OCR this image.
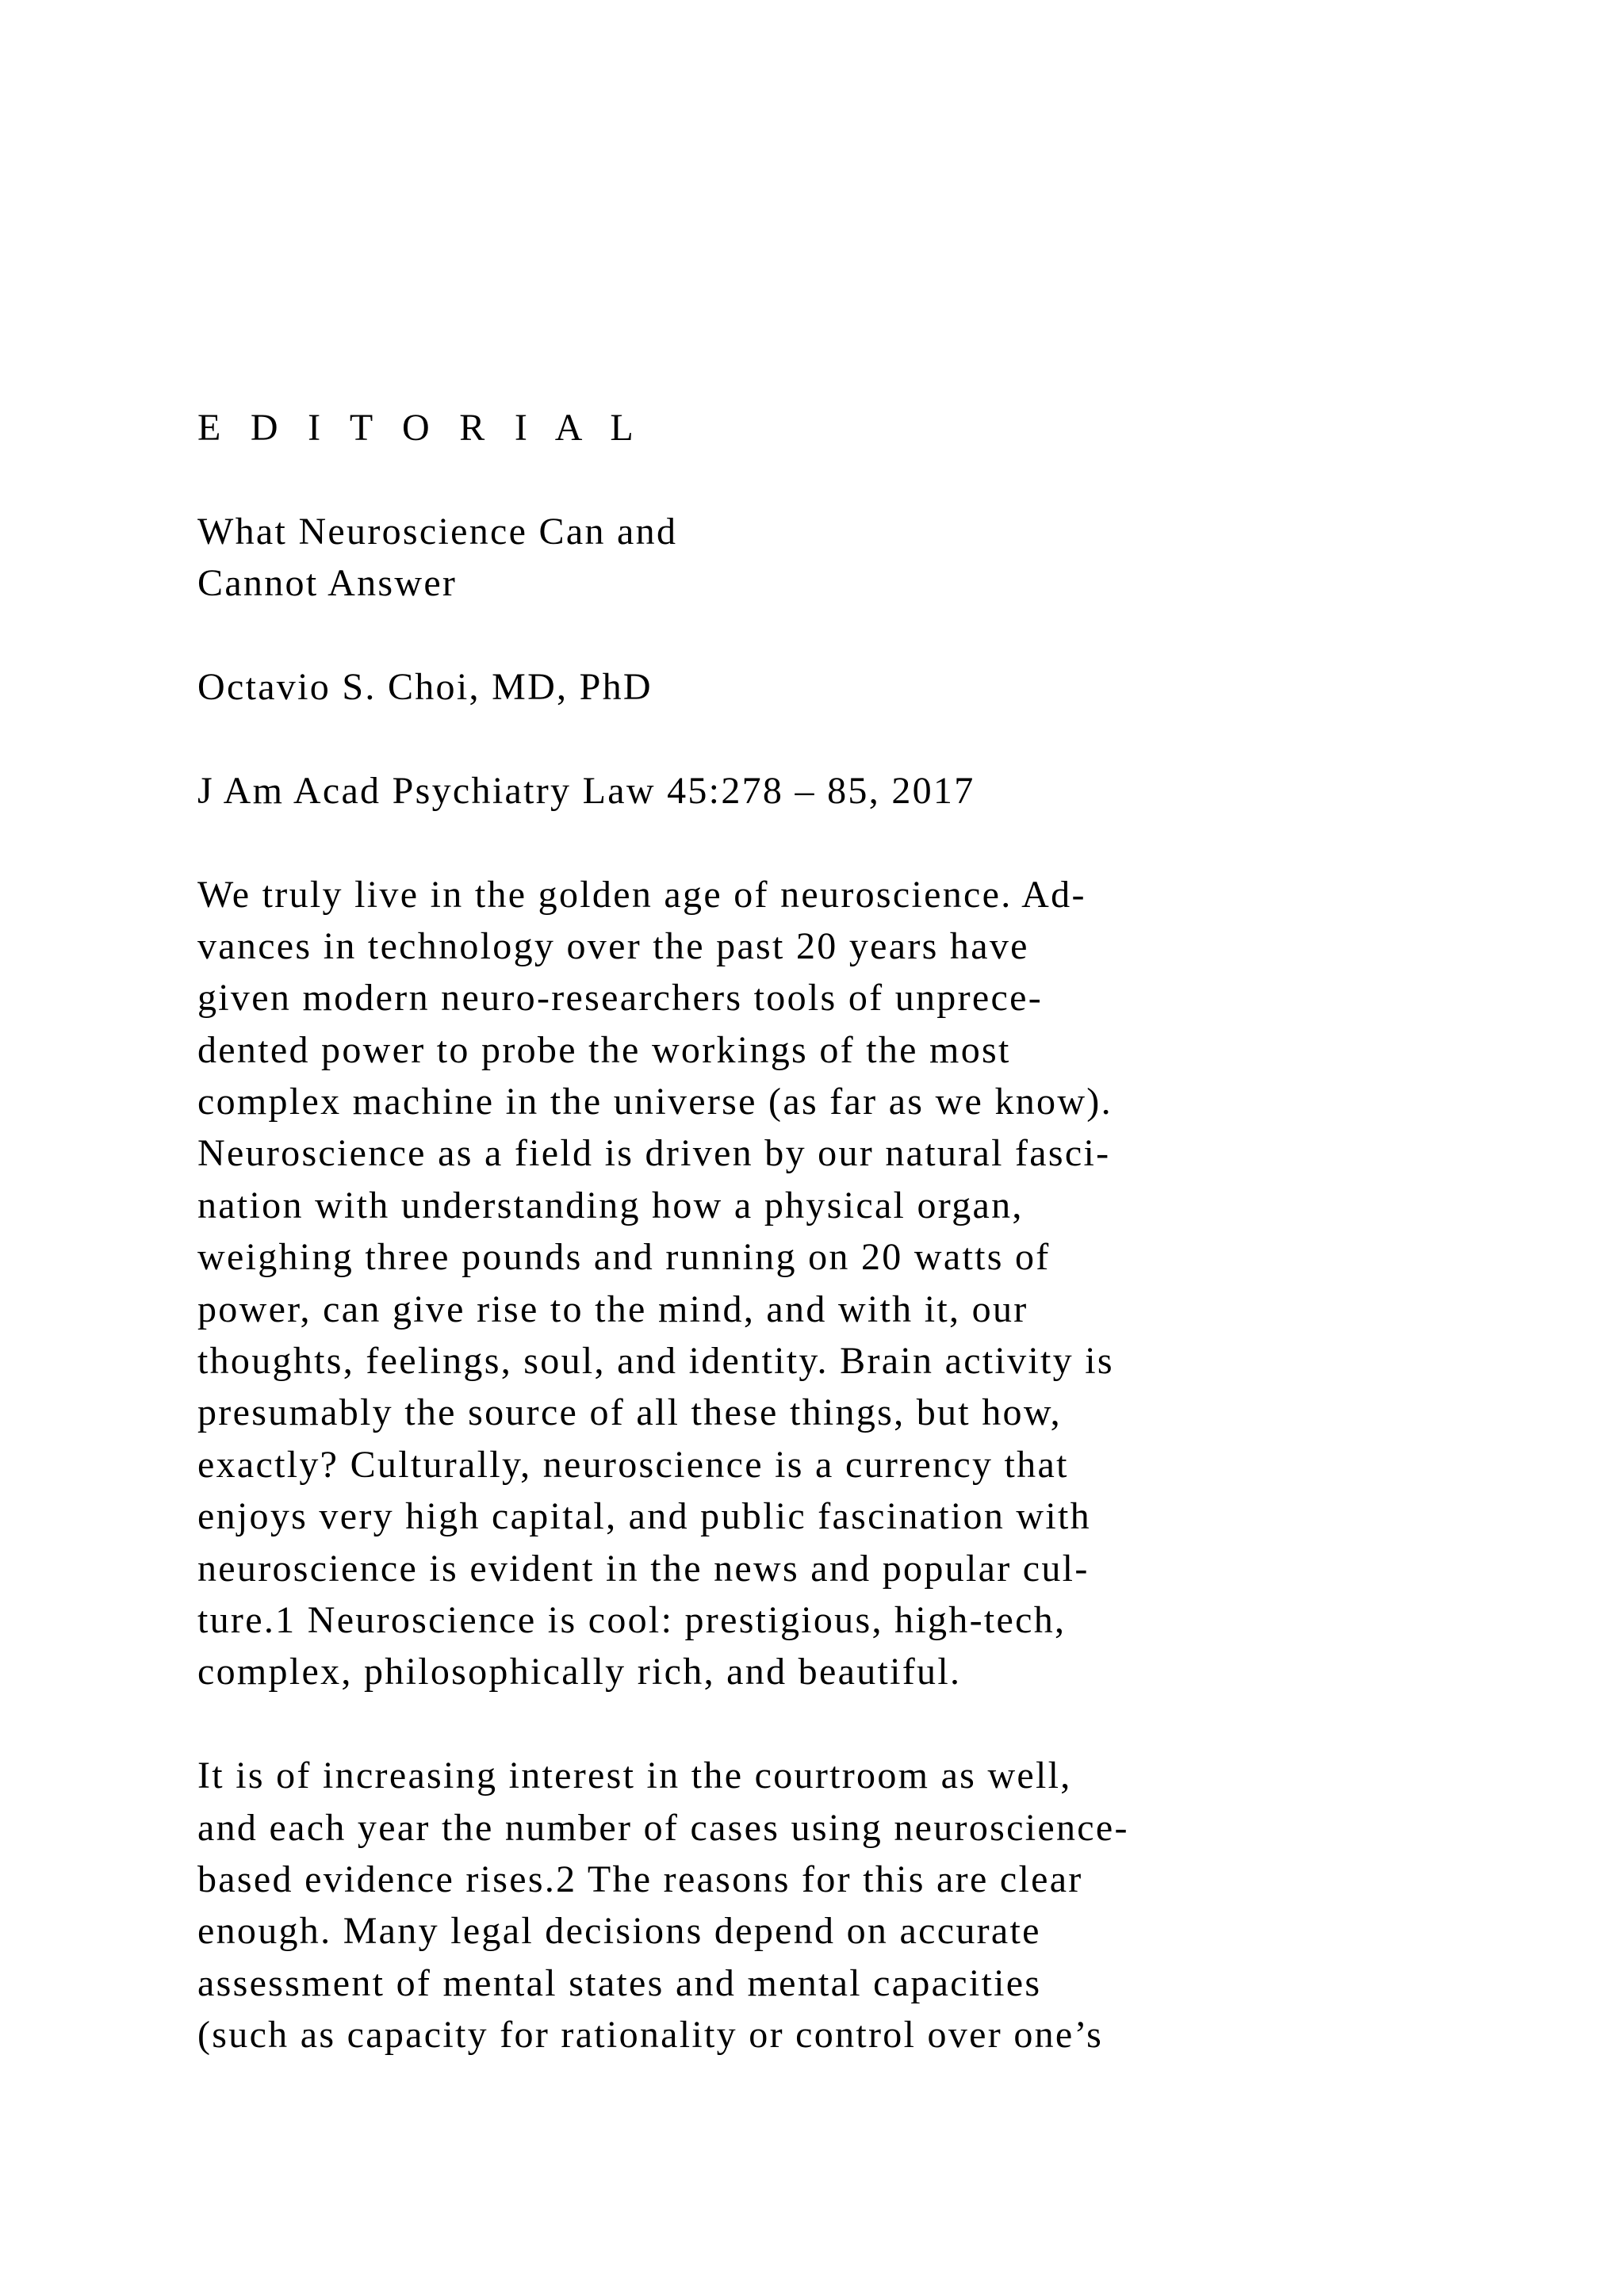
E D I T O R I A L
What Neuroscience Can and
Cannot Answer
Octavio S. Choi, MD, PhD
J Am Acad Psychiatry Law 45:278 – 85, 2017
We truly live in the golden age of neuroscience. Ad-
vances in technology over the past 20 years have
given modern neuro-researchers tools of unprece-
dented power to probe the workings of the most
complex machine in the universe (as far as we know).
Neuroscience as a field is driven by our natural fasci-
nation with understanding how a physical organ,
weighing three pounds and running on 20 watts of
power, can give rise to the mind, and with it, our
thoughts, feelings, soul, and identity. Brain activity is
presumably the source of all these things, but how,
exactly? Culturally, neuroscience is a currency that
enjoys very high capital, and public fascination with
neuroscience is evident in the news and popular cul-
ture.1 Neuroscience is cool: prestigious, high-tech,
complex, philosophically rich, and beautiful.
It is of increasing interest in the courtroom as well,
and each year the number of cases using neuroscience-
based evidence rises.2 The reasons for this are clear
enough. Many legal decisions depend on accurate
assessment of mental states and mental capacities
(such as capacity for rationality or control over one’s
